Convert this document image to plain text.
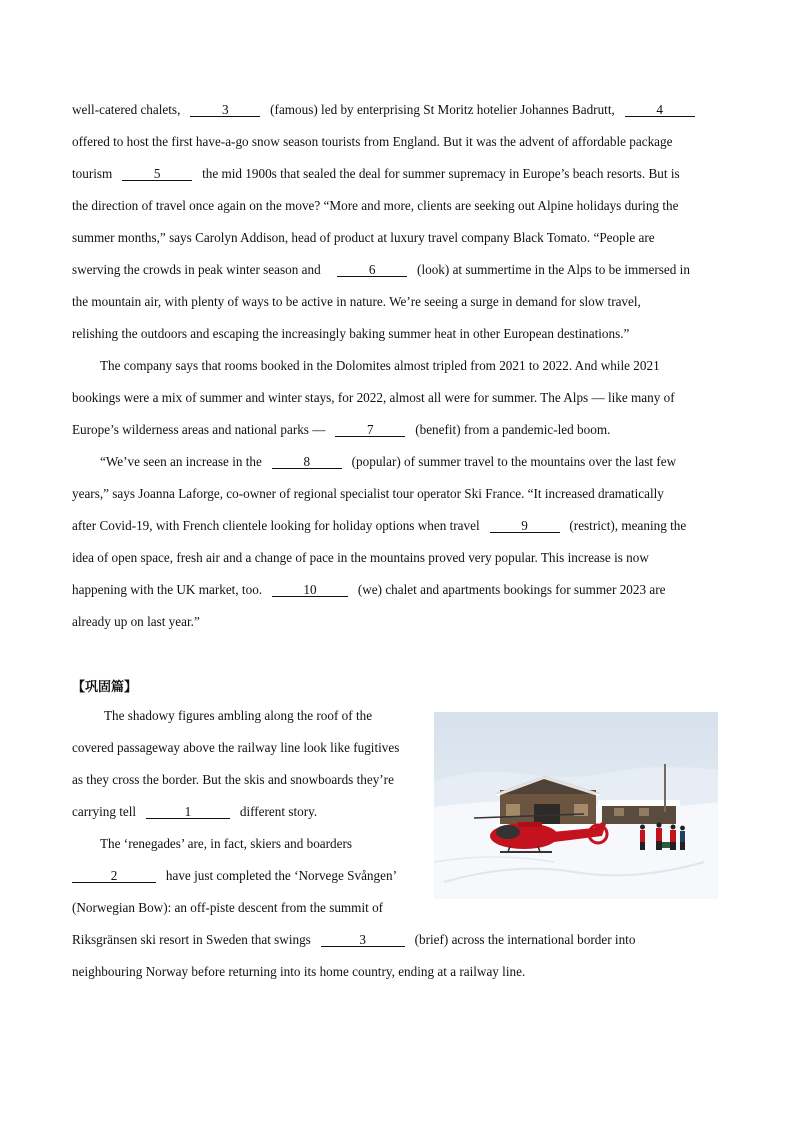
well-catered chalets,	3	(famous) led by enterprising St Moritz hotelier Johannes Badrutt,	4
offered to host the first have-a-go snow season tourists from England. But it was the advent of affordable package
tourism	5	the mid 1900s that sealed the deal for summer supremacy in Europe’s beach resorts. But is
the direction of travel once again on the move? “More and more, clients are seeking out Alpine holidays during the
summer months,” says Carolyn Addison, head of product at luxury travel company Black Tomato. “People are
swerving the crowds in peak winter season and	6	(look) at summertime in the Alps to be immersed in
the mountain air, with plenty of ways to be active in nature. We’re seeing a surge in demand for slow travel,
relishing the outdoors and escaping the increasingly baking summer heat in other European destinations.”
The company says that rooms booked in the Dolomites almost tripled from 2021 to 2022. And while 2021
bookings were a mix of summer and winter stays, for 2022, almost all were for summer. The Alps — like many of
Europe’s wilderness areas and national parks —	7	(benefit) from a pandemic-led boom.
“We’ve seen an increase in the	8	(popular) of summer travel to the mountains over the last few
years,” says Joanna Laforge, co-owner of regional specialist tour operator Ski France. “It increased dramatically
after Covid-19, with French clientele looking for holiday options when travel	9	(restrict), meaning the
idea of open space, fresh air and a change of pace in the mountains proved very popular. This increase is now
happening with the UK market, too.	10	(we) chalet and apartments bookings for summer 2023 are
already up on last year.”
【巩固篇】
The shadowy figures ambling along the roof of the
covered passageway above the railway line look like fugitives
as they cross the border. But the skis and snowboards they’re
carrying tell	1	different story.
The ‘renegades’ are, in fact, skiers and boarders
2	have just completed the ‘Norvege Svången’
(Norwegian Bow): an off-piste descent from the summit of
Riksgränsen ski resort in Sweden that swings	3	(brief) across the international border into
neighbouring Norway before returning into its home country, ending at a railway line.
